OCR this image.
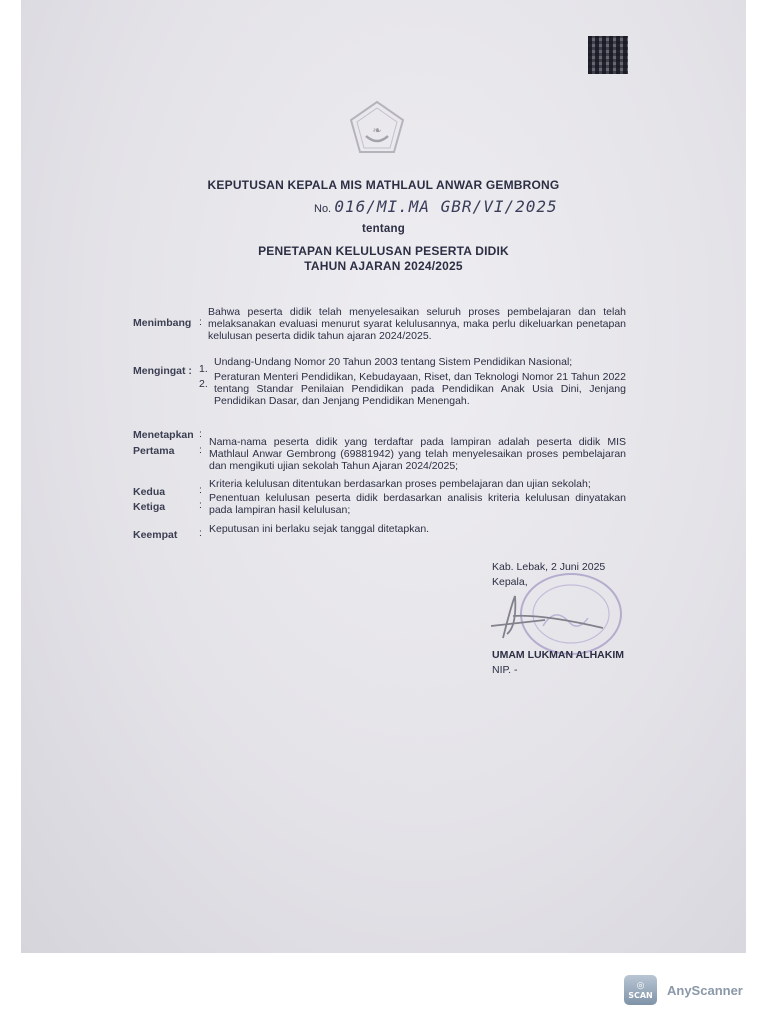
❧
KEPUTUSAN KEPALA MIS MATHLAUL ANWAR GEMBRONG
No. 016/MI.MA GBR/VI/2025
tentang
PENETAPAN KELULUSAN PESERTA DIDIK
TAHUN AJARAN 2024/2025
Menimbang :
Bahwa peserta didik telah menyelesaikan seluruh proses pembelajaran dan telah melaksanakan evaluasi menurut syarat kelulusannya, maka perlu dikeluarkan penetapan kelulusan peserta didik tahun ajaran 2024/2025.
Mengingat : 1.
Undang-Undang Nomor 20 Tahun 2003 tentang Sistem Pendidikan Nasional;
2.
Peraturan Menteri Pendidikan, Kebudayaan, Riset, dan Teknologi Nomor 21 Tahun 2022 tentang Standar Penilaian Pendidikan pada Pendidikan Anak Usia Dini, Jenjang Pendidikan Dasar, dan Jenjang Pendidikan Menengah.
Menetapkan :
Pertama :
Nama-nama peserta didik yang terdaftar pada lampiran adalah peserta didik MIS Mathlaul Anwar Gembrong (69881942) yang telah menyelesaikan proses pembelajaran dan mengikuti ujian sekolah Tahun Ajaran 2024/2025;
Kedua	: Kriteria kelulusan ditentukan berdasarkan proses pembelajaran dan ujian sekolah;
Ketiga	:
Penentuan kelulusan peserta didik berdasarkan analisis kriteria kelulusan dinyatakan pada lampiran hasil kelulusan;
Keempat : Keputusan ini berlaku sejak tanggal ditetapkan.
Kab. Lebak, 2 Juni 2025
Kepala,
UMAM LUKMAN ALHAKIM
NIP. -
◎
SCAN AnyScanner
